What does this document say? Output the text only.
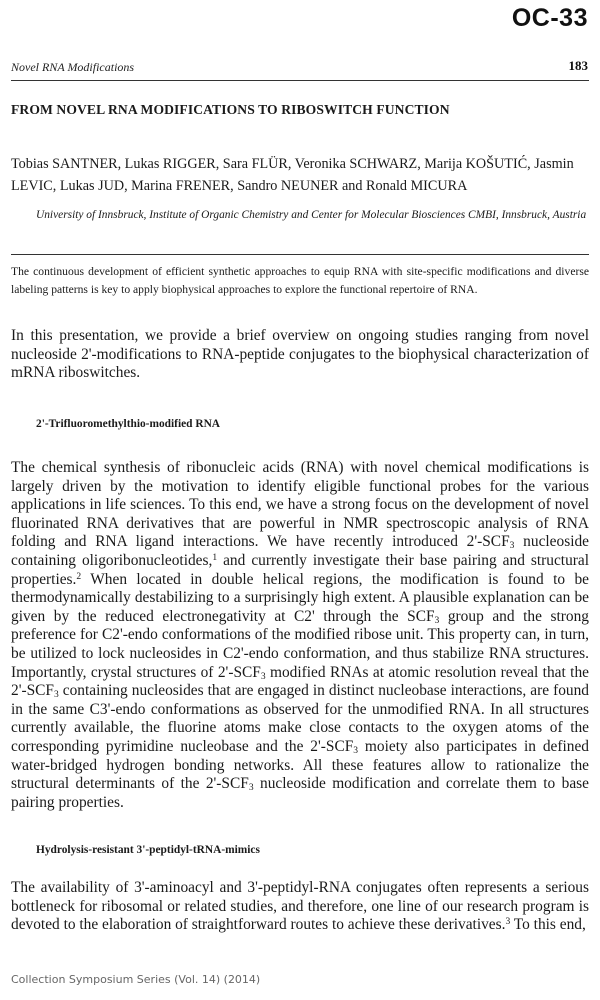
OC-33
Novel RNA Modifications	183
FROM NOVEL RNA MODIFICATIONS TO RIBOSWITCH FUNCTION
Tobias SANTNER, Lukas RIGGER, Sara FLÜR, Veronika SCHWARZ, Marija KOŠUTIĆ, Jasmin LEVIC, Lukas JUD, Marina FRENER, Sandro NEUNER and Ronald MICURA
University of Innsbruck, Institute of Organic Chemistry and Center for Molecular Biosciences CMBI, Innsbruck, Austria
The continuous development of efficient synthetic approaches to equip RNA with site-specific modifications and diverse labeling patterns is key to apply biophysical approaches to explore the functional repertoire of RNA.
In this presentation, we provide a brief overview on ongoing studies ranging from novel nucleoside 2'-modifications to RNA-peptide conjugates to the biophysical characterization of mRNA riboswitches.
2'-Trifluoromethylthio-modified RNA
The chemical synthesis of ribonucleic acids (RNA) with novel chemical modifications is largely driven by the motivation to identify eligible functional probes for the various applications in life sciences. To this end, we have a strong focus on the development of novel fluorinated RNA derivatives that are powerful in NMR spectroscopic analysis of RNA folding and RNA ligand interactions. We have recently introduced $2'-SCF_3$ nucleoside containing oligoribonucleotides,$^1$ and currently investigate their base pairing and structural properties.$^2$ When located in double helical regions, the modification is found to be thermodynamically destabilizing to a surprisingly high extent. A plausible explanation can be given by the reduced electronegativity at C2' through the $SCF_3$ group and the strong preference for C2'-endo conformations of the modified ribose unit. This property can, in turn, be utilized to lock nucleosides in C2'-endo conformation, and thus stabilize RNA structures. Importantly, crystal structures of $2'-SCF_3$ modified RNAs at atomic resolution reveal that the $2'-SCF_3$ containing nucleosides that are engaged in distinct nucleobase interactions, are found in the same C3'-endo conformations as observed for the unmodified RNA. In all structures currently available, the fluorine atoms make close contacts to the oxygen atoms of the corresponding pyrimidine nucleobase and the $2'-SCF_3$ moiety also participates in defined water-bridged hydrogen bonding networks. All these features allow to rationalize the structural determinants of the $2'-SCF_3$ nucleoside modification and correlate them to base pairing properties.
Hydrolysis-resistant 3'-peptidyl-tRNA-mimics
The availability of 3'-aminoacyl and 3'-peptidyl-RNA conjugates often represents a serious bottleneck for ribosomal or related studies, and therefore, one line of our research program is devoted to the elaboration of straightforward routes to achieve these derivatives.$^3$ To this end,
Collection Symposium Series (Vol. 14) (2014)
